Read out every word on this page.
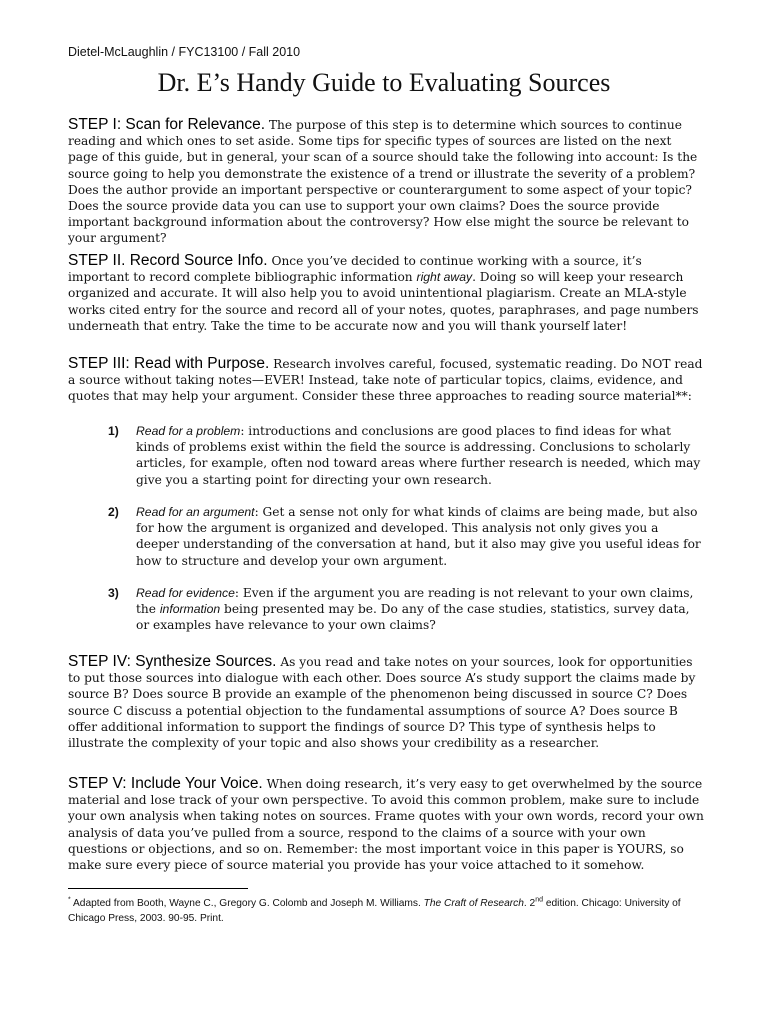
Dietel-McLaughlin / FYC13100 / Fall 2010
Dr. E’s Handy Guide to Evaluating Sources

STEP I: Scan for Relevance. The purpose of this step is to determine which sources to continue reading and which ones to set aside. Some tips for specific types of sources are listed on the next page of this guide, but in general, your scan of a source should take the following into account: Is the source going to help you demonstrate the existence of a trend or illustrate the severity of a problem? Does the author provide an important perspective or counterargument to some aspect of your topic? Does the source provide data you can use to support your own claims? Does the source provide important background information about the controversy? How else might the source be relevant to your argument?

STEP II. Record Source Info. Once you’ve decided to continue working with a source, it’s important to record complete bibliographic information right away. Doing so will keep your research organized and accurate. It will also help you to avoid unintentional plagiarism. Create an MLA-style works cited entry for the source and record all of your notes, quotes, paraphrases, and page numbers underneath that entry. Take the time to be accurate now and you will thank yourself later!

STEP III: Read with Purpose. Research involves careful, focused, systematic reading. Do NOT read a source without taking notes—EVER! Instead, take note of particular topics, claims, evidence, and quotes that may help your argument. Consider these three approaches to reading source material**:

1) Read for a problem: introductions and conclusions are good places to find ideas for what kinds of problems exist within the field the source is addressing. Conclusions to scholarly articles, for example, often nod toward areas where further research is needed, which may give you a starting point for directing your own research.
2) Read for an argument: Get a sense not only for what kinds of claims are being made, but also for how the argument is organized and developed. This analysis not only gives you a deeper understanding of the conversation at hand, but it also may give you useful ideas for how to structure and develop your own argument.
3) Read for evidence: Even if the argument you are reading is not relevant to your own claims, the information being presented may be. Do any of the case studies, statistics, survey data, or examples have relevance to your own claims?

STEP IV: Synthesize Sources. As you read and take notes on your sources, look for opportunities to put those sources into dialogue with each other. Does source A’s study support the claims made by source B? Does source B provide an example of the phenomenon being discussed in source C? Does source C discuss a potential objection to the fundamental assumptions of source A? Does source B offer additional information to support the findings of source D? This type of synthesis helps to illustrate the complexity of your topic and also shows your credibility as a researcher.

STEP V: Include Your Voice. When doing research, it’s very easy to get overwhelmed by the source material and lose track of your own perspective. To avoid this common problem, make sure to include your own analysis when taking notes on sources. Frame quotes with your own words, record your own analysis of data you’ve pulled from a source, respond to the claims of a source with your own questions or objections, and so on. Remember: the most important voice in this paper is YOURS, so make sure every piece of source material you provide has your voice attached to it somehow.

* Adapted from Booth, Wayne C., Gregory G. Colomb and Joseph M. Williams. The Craft of Research. 2nd edition. Chicago: University of Chicago Press, 2003. 90-95. Print.
